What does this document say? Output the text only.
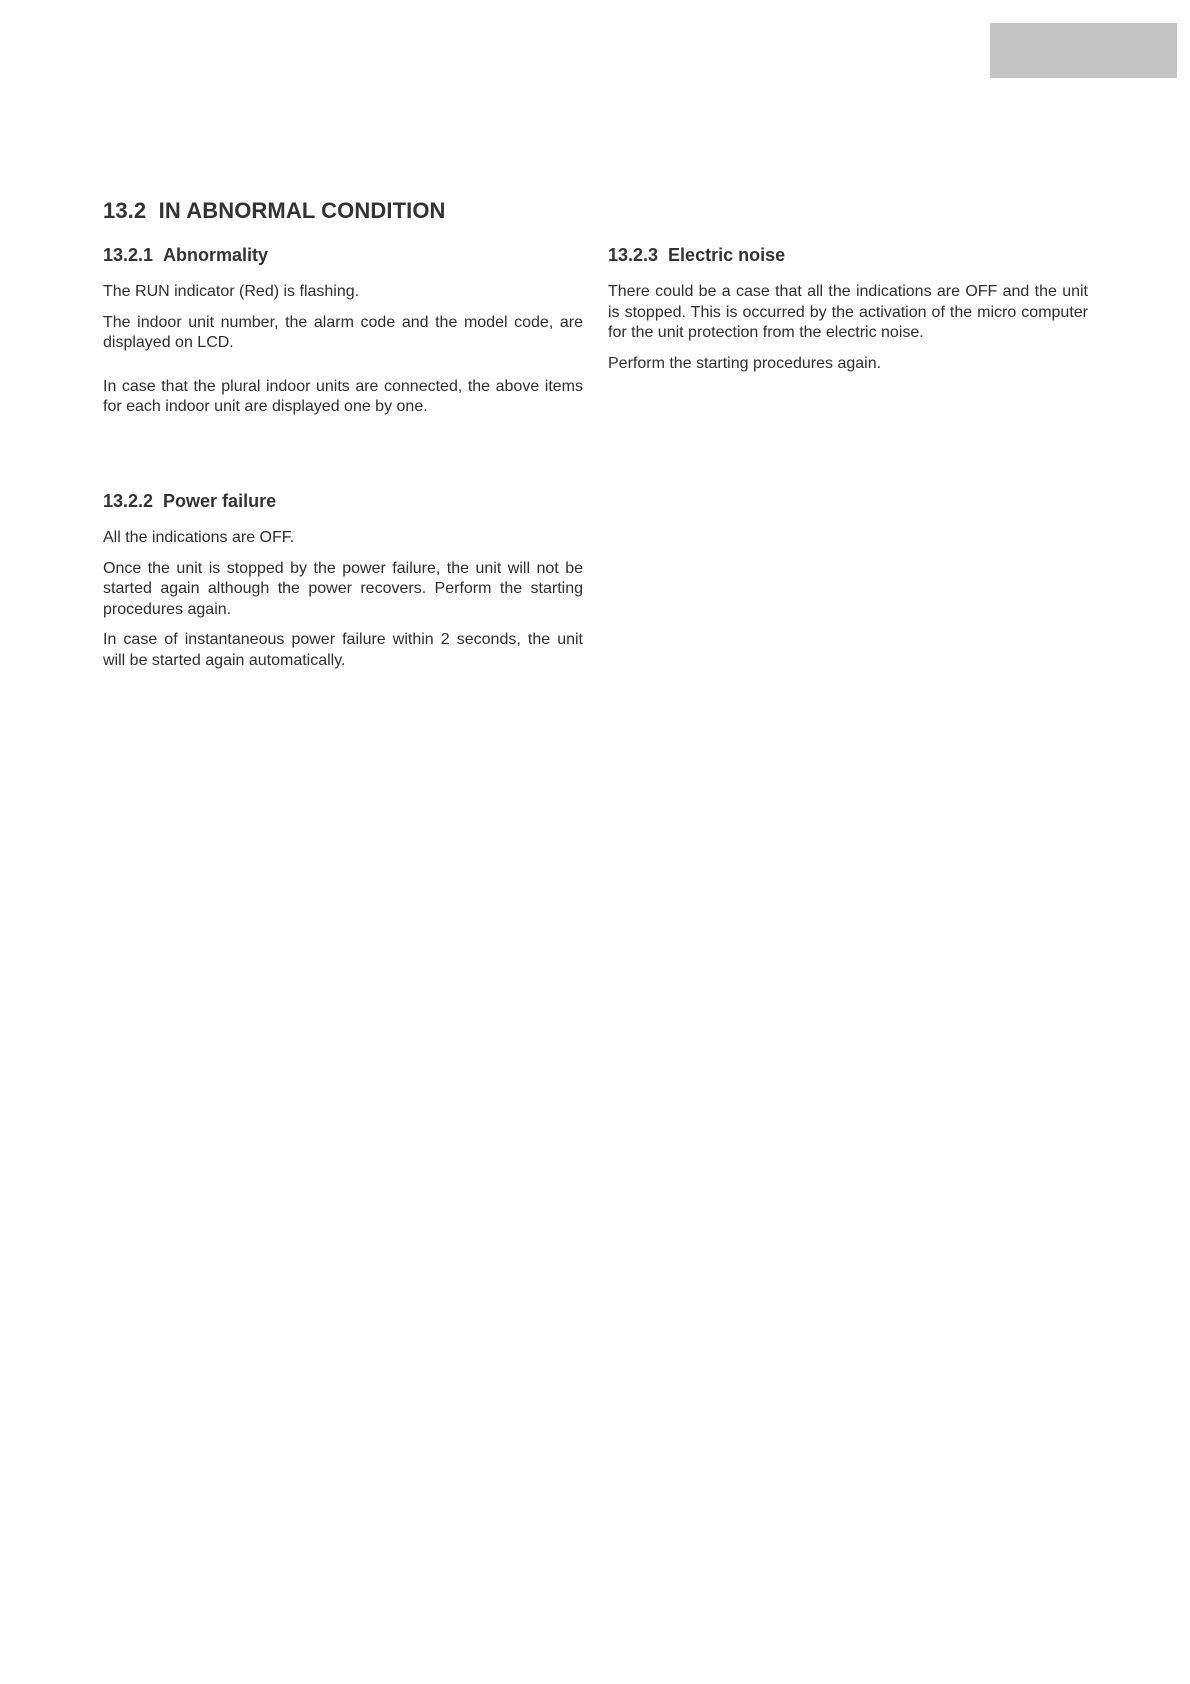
13.2 IN ABNORMAL CONDITION
13.2.1 Abnormality

The RUN indicator (Red) is flashing.

The indoor unit number, the alarm code and the model code, are displayed on LCD.

In case that the plural indoor units are connected, the above items for each indoor unit are displayed one by one.

13.2.2 Power failure

All the indications are OFF.

Once the unit is stopped by the power failure, the unit will not be started again although the power recovers. Perform the starting procedures again.

In case of instantaneous power failure within 2 seconds, the unit will be started again automatically.

13.2.3 Electric noise

There could be a case that all the indications are OFF and the unit is stopped. This is occurred by the activation of the micro computer for the unit protection from the electric noise.

Perform the starting procedures again.
